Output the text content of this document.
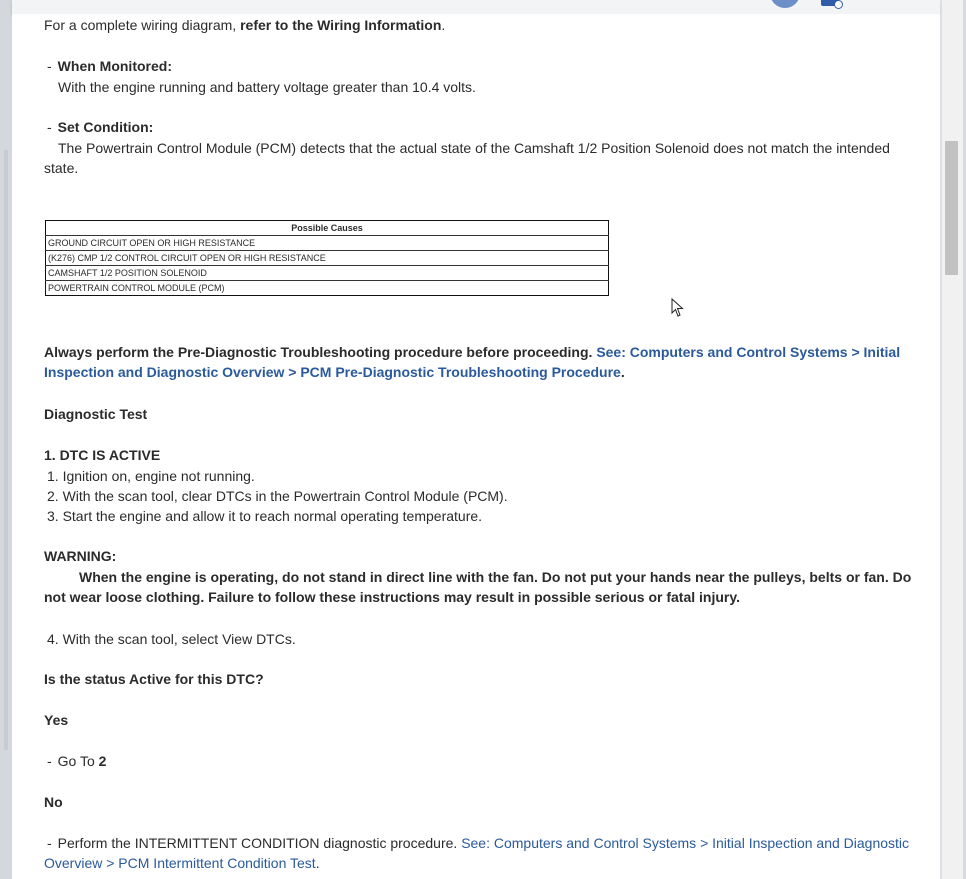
For a complete wiring diagram, refer to the Wiring Information.

- When Monitored:

With the engine running and battery voltage greater than 10.4 volts.

- Set Condition:

The Powertrain Control Module (PCM) detects that the actual state of the Camshaft 1/2 Position Solenoid does not match the intended state.

Possible Causes
GROUND CIRCUIT OPEN OR HIGH RESISTANCE
(K276) CMP 1/2 CONTROL CIRCUIT OPEN OR HIGH RESISTANCE
CAMSHAFT 1/2 POSITION SOLENOID
POWERTRAIN CONTROL MODULE (PCM)

Always perform the Pre-Diagnostic Troubleshooting procedure before proceeding. See: Computers and Control Systems > Initial Inspection and Diagnostic Overview > PCM Pre-Diagnostic Troubleshooting Procedure.

Diagnostic Test

1. DTC IS ACTIVE

1. Ignition on, engine not running.

2. With the scan tool, clear DTCs in the Powertrain Control Module (PCM).

3. Start the engine and allow it to reach normal operating temperature.

WARNING:

When the engine is operating, do not stand in direct line with the fan. Do not put your hands near the pulleys, belts or fan. Do not wear loose clothing. Failure to follow these instructions may result in possible serious or fatal injury.

4. With the scan tool, select View DTCs.

Is the status Active for this DTC?

Yes

- Go To 2

No

- Perform the INTERMITTENT CONDITION diagnostic procedure. See: Computers and Control Systems > Initial Inspection and Diagnostic Overview > PCM Intermittent Condition Test.
